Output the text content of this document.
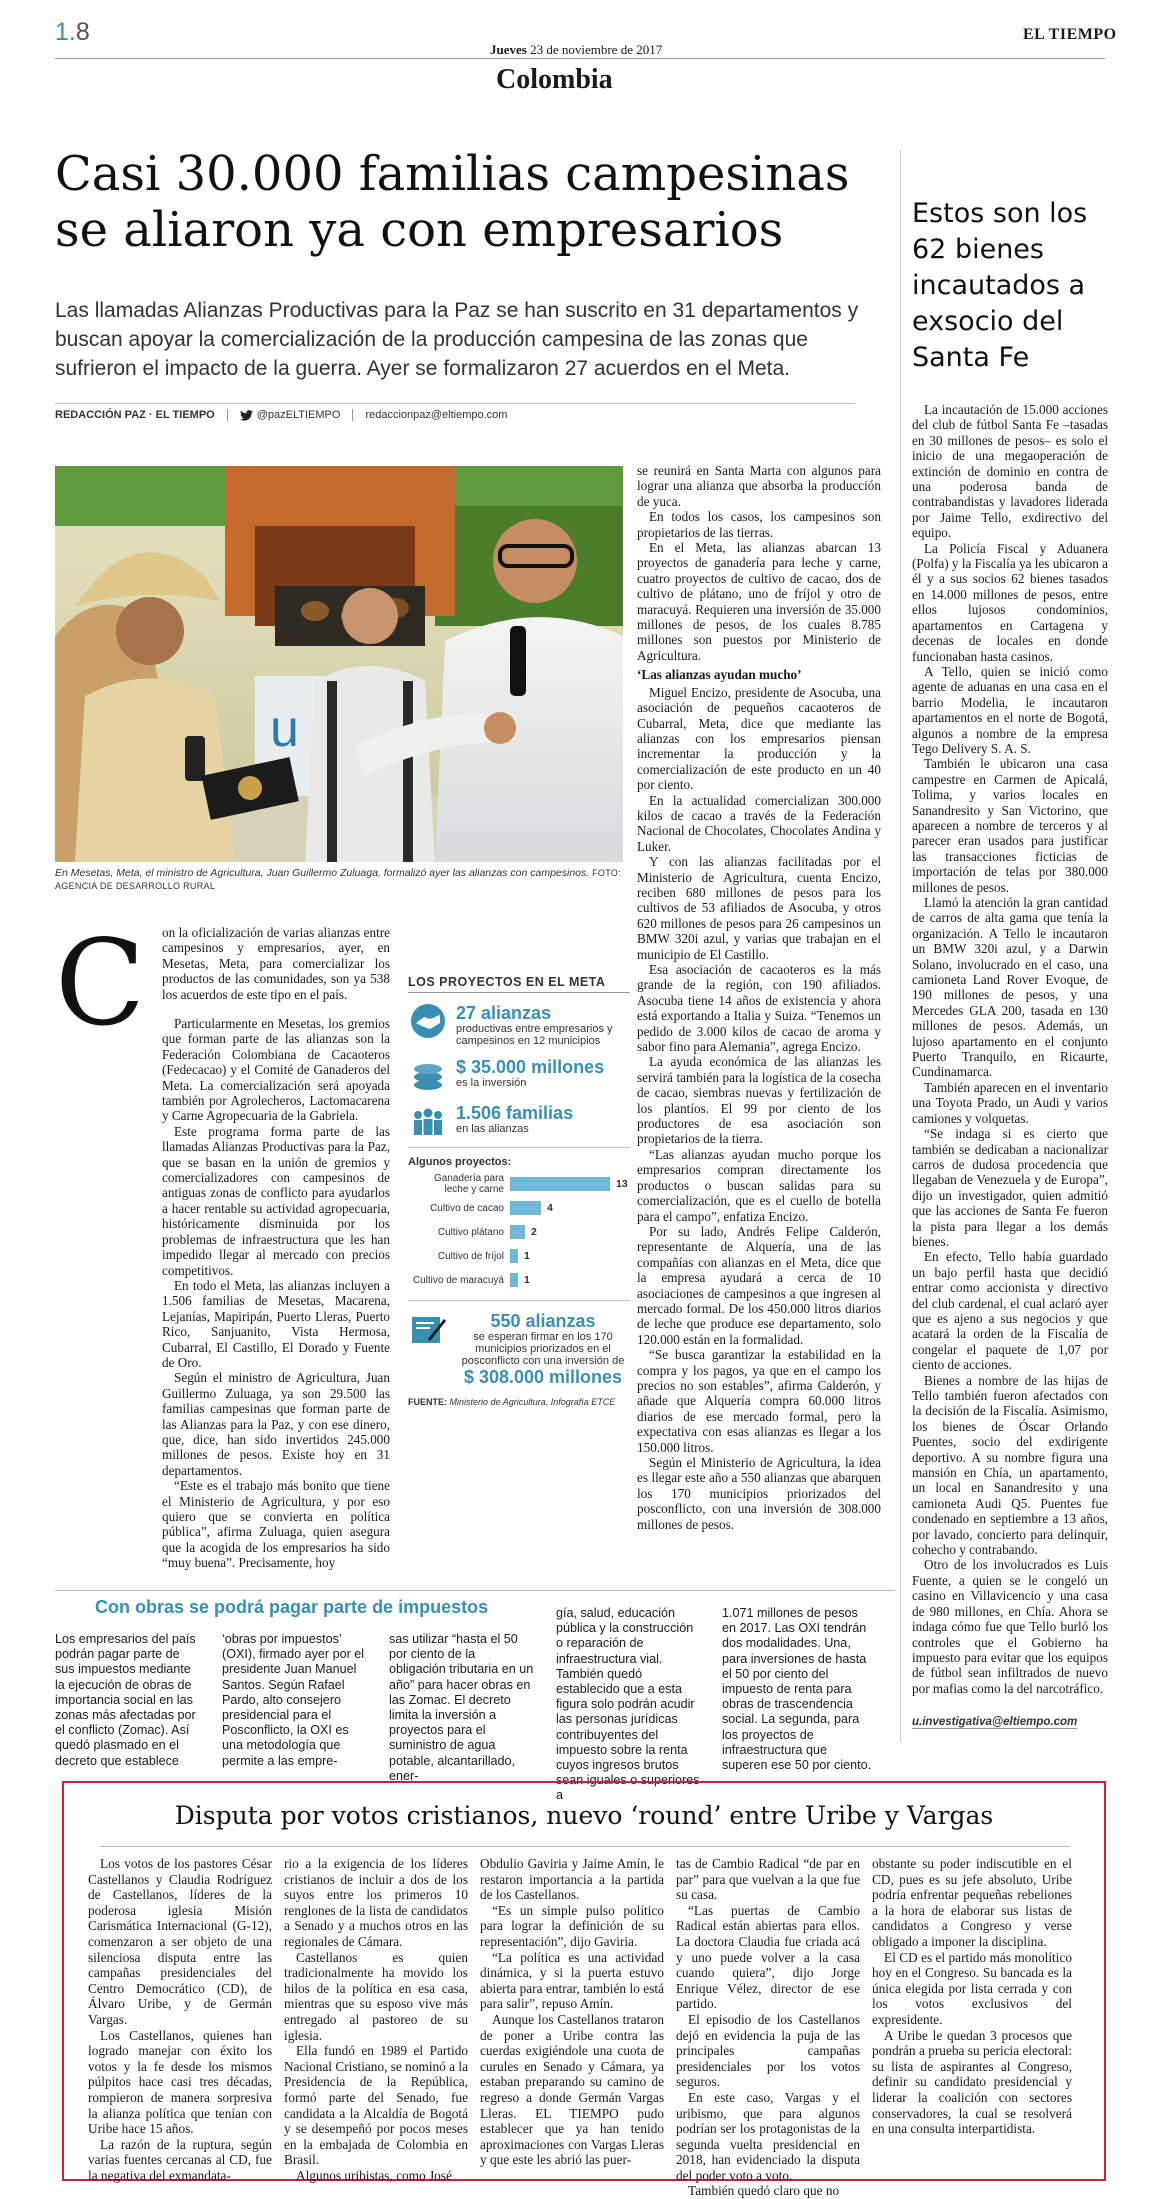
1.8
Jueves 23 de noviembre de 2017
EL TIEMPO
Colombia
Casi 30.000 familias campesinas se aliaron ya con empresarios
Las llamadas Alianzas Productivas para la Paz se han suscrito en 31 departamentos y buscan apoyar la comercialización de la producción campesina de las zonas que sufrieron el impacto de la guerra. Ayer se formalizaron 27 acuerdos en el Meta.
REDACCIÓN PAZ · EL TIEMPO	@pazELTIEMPO redaccionpaz@eltiempo.com
u
En Mesetas, Meta, el ministro de Agricultura, Juan Guillermo Zuluaga, formalizó ayer las alianzas con campesinos. FOTO: AGENCIA DE DESARROLLO RURAL
C on la oficialización de varias alianzas entre campesinos y empresarios, ayer, en Mesetas, Meta, para comercializar los productos de las comunidades, son ya 538 los acuerdos de este tipo en el país.

Particularmente en Mesetas, los gremios que forman parte de las alianzas son la Federación Colombiana de Cacaoteros (Fedecacao) y el Comité de Ganaderos del Meta. La comercialización será apoyada también por Agrolecheros, Lactomacarena y Carne Agropecuaria de la Gabriela.

Este programa forma parte de las llamadas Alianzas Productivas para la Paz, que se basan en la unión de gremios y comercializadores con campesinos de antiguas zonas de conflicto para ayudarlos a hacer rentable su actividad agropecuaria, históricamente disminuida por los problemas de infraestructura que les han impedido llegar al mercado con precios competitivos.

En todo el Meta, las alianzas incluyen a 1.506 familias de Mesetas, Macarena, Lejanías, Mapiripán, Puerto Lleras, Puerto Rico, Sanjuanito, Vista Hermosa, Cubarral, El Castillo, El Dorado y Fuente de Oro.

Según el ministro de Agricultura, Juan Guillermo Zuluaga, ya son 29.500 las familias campesinas que forman parte de las Alianzas para la Paz, y con ese dinero, que, dice, han sido invertidos 245.000 millones de pesos. Existe hoy en 31 departamentos.

“Este es el trabajo más bonito que tiene el Ministerio de Agricultura, y por eso quiero que se convierta en política pública”, afirma Zuluaga, quien asegura que la acogida de los empresarios ha sido “muy buena”. Precisamente, hoy

LOS PROYECTOS EN EL META
27 alianzas
productivas entre empresarios y campesinos en 12 municipios
$ 35.000 millones
es la inversión
1.506 familias
en las alianzas
Algunos proyectos:
Ganadería para leche y carne	13
Cultivo de cacao	4
Cultivo plátano	2
Cultivo de fríjol	1
Cultivo de maracuyá	1
550 alianzas
se esperan firmar en los 170 municipios priorizados en el posconflicto con una inversión de
$ 308.000 millones
FUENTE: Ministerio de Agricultura. Infografía ETCE

se reunirá en Santa Marta con algunos para lograr una alianza que absorba la producción de yuca.

En todos los casos, los campesinos son propietarios de las tierras.

En el Meta, las alianzas abarcan 13 proyectos de ganadería para leche y carne, cuatro proyectos de cultivo de cacao, dos de cultivo de plátano, uno de fríjol y otro de maracuyá. Requieren una inversión de 35.000 millones de pesos, de los cuales 8.785 millones son puestos por Ministerio de Agricultura.

‘Las alianzas ayudan mucho’

Miguel Encizo, presidente de Asocuba, una asociación de pequeños cacaoteros de Cubarral, Meta, dice que mediante las alianzas con los empresarios piensan incrementar la producción y la comercialización de este producto en un 40 por ciento.

En la actualidad comercializan 300.000 kilos de cacao a través de la Federación Nacional de Chocolates, Chocolates Andina y Luker.

Y con las alianzas facilitadas por el Ministerio de Agricultura, cuenta Encizo, reciben 680 millones de pesos para los cultivos de 53 afiliados de Asocuba, y otros 620 millones de pesos para 26 campesinos un BMW 320i azul, y varias que trabajan en el municipio de El Castillo.

Esa asociación de cacaoteros es la más grande de la región, con 190 afiliados. Asocuba tiene 14 años de existencia y ahora está exportando a Italia y Suiza. “Tenemos un pedido de 3.000 kilos de cacao de aroma y sabor fino para Alemania”, agrega Encizo.

La ayuda económica de las alianzas les servirá también para la logística de la cosecha de cacao, siembras nuevas y fertilización de los plantíos. El 99 por ciento de los productores de esa asociación son propietarios de la tierra.

“Las alianzas ayudan mucho porque los empresarios compran directamente los productos o buscan salidas para su comercialización, que es el cuello de botella para el campo”, enfatiza Encizo.

Por su lado, Andrés Felipe Calderón, representante de Alquería, una de las compañías con alianzas en el Meta, dice que la empresa ayudará a cerca de 10 asociaciones de campesinos a que ingresen al mercado formal. De los 450.000 litros diarios de leche que produce ese departamento, solo 120.000 están en la formalidad.

“Se busca garantizar la estabilidad en la compra y los pagos, ya que en el campo los precios no son estables”, afirma Calderón, y añade que Alquería compra 60.000 litros diarios de ese mercado formal, pero la expectativa con esas alianzas es llegar a los 150.000 litros.

Según el Ministerio de Agricultura, la idea es llegar este año a 550 alianzas que abarquen los 170 municipios priorizados del posconflicto, con una inversión de 308.000 millones de pesos.

Estos son los 62 bienes incautados a exsocio del Santa Fe

La incautación de 15.000 acciones del club de fútbol Santa Fe –tasadas en 30 millones de pesos– es solo el inicio de una megaoperación de extinción de dominio en contra de una poderosa banda de contrabandistas y lavadores liderada por Jaime Tello, exdirectivo del equipo.

La Policía Fiscal y Aduanera (Polfa) y la Fiscalía ya les ubicaron a él y a sus socios 62 bienes tasados en 14.000 millones de pesos, entre ellos lujosos condominios, apartamentos en Cartagena y decenas de locales en donde funcionaban hasta casinos.

A Tello, quien se inició como agente de aduanas en una casa en el barrio Modelia, le incautaron apartamentos en el norte de Bogotá, algunos a nombre de la empresa Tego Delivery S. A. S.

También le ubicaron una casa campestre en Carmen de Apicalá, Tolima, y varios locales en Sanandresito y San Victorino, que aparecen a nombre de terceros y al parecer eran usados para justificar las transacciones ficticias de importación de telas por 380.000 millones de pesos.

Llamó la atención la gran cantidad de carros de alta gama que tenía la organización. A Tello le incautaron un BMW 320i azul, y a Darwin Solano, involucrado en el caso, una camioneta Land Rover Evoque, de 190 millones de pesos, y una Mercedes GLA 200, tasada en 130 millones de pesos. Además, un lujoso apartamento en el conjunto Puerto Tranquilo, en Ricaurte, Cundinamarca.

También aparecen en el inventario una Toyota Prado, un Audi y varios camiones y volquetas.

“Se indaga si es cierto que también se dedicaban a nacionalizar carros de dudosa procedencia que llegaban de Venezuela y de Europa”, dijo un investigador, quien admitió que las acciones de Santa Fe fueron la pista para llegar a los demás bienes.

En efecto, Tello había guardado un bajo perfil hasta que decidió entrar como accionista y directivo del club cardenal, el cual aclaró ayer que es ajeno a sus negocios y que acatará la orden de la Fiscalía de congelar el paquete de 1,07 por ciento de acciones.

Bienes a nombre de las hijas de Tello también fueron afectados con la decisión de la Fiscalía. Asimismo, los bienes de Óscar Orlando Puentes, socio del exdirigente deportivo. A su nombre figura una mansión en Chía, un apartamento, un local en Sanandresito y una camioneta Audi Q5. Puentes fue condenado en septiembre a 13 años, por lavado, concierto para delinquir, cohecho y contrabando.

Otro de los involucrados es Luis Fuente, a quien se le congeló un casino en Villavicencio y una casa de 980 millones, en Chía. Ahora se indaga cómo fue que Tello burló los controles que el Gobierno ha impuesto para evitar que los equipos de fútbol sean infiltrados de nuevo por mafias como la del narcotráfico.

u.investigativa@eltiempo.com
Con obras se podrá pagar parte de impuestos

Los empresarios del país podrán pagar parte de sus impuestos mediante la ejecución de obras de importancia social en las zonas más afectadas por el conflicto (Zomac). Así quedó plasmado en el decreto que establece

‘obras por impuestos’ (OXI), firmado ayer por el presidente Juan Manuel Santos. Según Rafael Pardo, alto consejero presidencial para el Posconflicto, la OXI es una metodología que permite a las empre-

sas utilizar “hasta el 50 por ciento de la obligación tributaria en un año” para hacer obras en las Zomac. El decreto limita la inversión a proyectos para el suministro de agua potable, alcantarillado, ener-

gía, salud, educación pública y la construcción o reparación de infraestructura vial. También quedó establecido que a esta figura solo podrán acudir las personas jurídicas contribuyentes del impuesto sobre la renta cuyos ingresos brutos sean iguales o superiores a

1.071 millones de pesos en 2017. Las OXI tendrán dos modalidades. Una, para inversiones de hasta el 50 por ciento del impuesto de renta para obras de trascendencia social. La segunda, para los proyectos de infraestructura que superen ese 50 por ciento.

Disputa por votos cristianos, nuevo ‘round’ entre Uribe y Vargas

Los votos de los pastores César Castellanos y Claudia Rodríguez de Castellanos, líderes de la poderosa iglesia Misión Carismática Internacional (G-12), comenzaron a ser objeto de una silenciosa disputa entre las campañas presidenciales del Centro Democrático (CD), de Álvaro Uribe, y de Germán Vargas.

Los Castellanos, quienes han logrado manejar con éxito los votos y la fe desde los mismos púlpitos hace casi tres décadas, rompieron de manera sorpresiva la alianza política que tenían con Uribe hace 15 años.

La razón de la ruptura, según varias fuentes cercanas al CD, fue la negativa del exmandata-

rio a la exigencia de los líderes cristianos de incluir a dos de los suyos entre los primeros 10 renglones de la lista de candidatos a Senado y a muchos otros en las regionales de Cámara.

Castellanos es quien tradicionalmente ha movido los hilos de la política en esa casa, mientras que su esposo vive más entregado al pastoreo de su iglesia.

Ella fundó en 1989 el Partido Nacional Cristiano, se nominó a la Presidencia de la República, formó parte del Senado, fue candidata a la Alcaldía de Bogotá y se desempeñó por pocos meses en la embajada de Colombia en Brasil.

Algunos uribistas, como José

Obdulio Gaviria y Jaime Amín, le restaron importancia a la partida de los Castellanos.

“Es un simple pulso político para lograr la definición de su representación”, dijo Gaviria.

“La política es una actividad dinámica, y si la puerta estuvo abierta para entrar, también lo está para salir”, repuso Amín.

Aunque los Castellanos trataron de poner a Uribe contra las cuerdas exigiéndole una cuota de curules en Senado y Cámara, ya estaban preparando su camino de regreso a donde Germán Vargas Lleras. EL TIEMPO pudo establecer que ya han tenido aproximaciones con Vargas Lleras y que este les abrió las puer-

tas de Cambio Radical “de par en par” para que vuelvan a la que fue su casa.

“Las puertas de Cambio Radical están abiertas para ellos. La doctora Claudia fue criada acá y uno puede volver a la casa cuando quiera”, dijo Jorge Enrique Vélez, director de ese partido.

El episodio de los Castellanos dejó en evidencia la puja de las principales campañas presidenciales por los votos seguros.

En este caso, Vargas y el uribismo, que para algunos podrían ser los protagonistas de la segunda vuelta presidencial en 2018, han evidenciado la disputa del poder voto a voto.

También quedó claro que no

obstante su poder indiscutible en el CD, pues es su jefe absoluto, Uribe podría enfrentar pequeñas rebeliones a la hora de elaborar sus listas de candidatos a Congreso y verse obligado a imponer la disciplina.

El CD es el partido más monolítico hoy en el Congreso. Su bancada es la única elegida por lista cerrada y con los votos exclusivos del expresidente.

A Uribe le quedan 3 procesos que pondrán a prueba su pericia electoral: su lista de aspirantes al Congreso, definir su candidato presidencial y liderar la coalición con sectores conservadores, la cual se resolverá en una consulta interpartidista.
